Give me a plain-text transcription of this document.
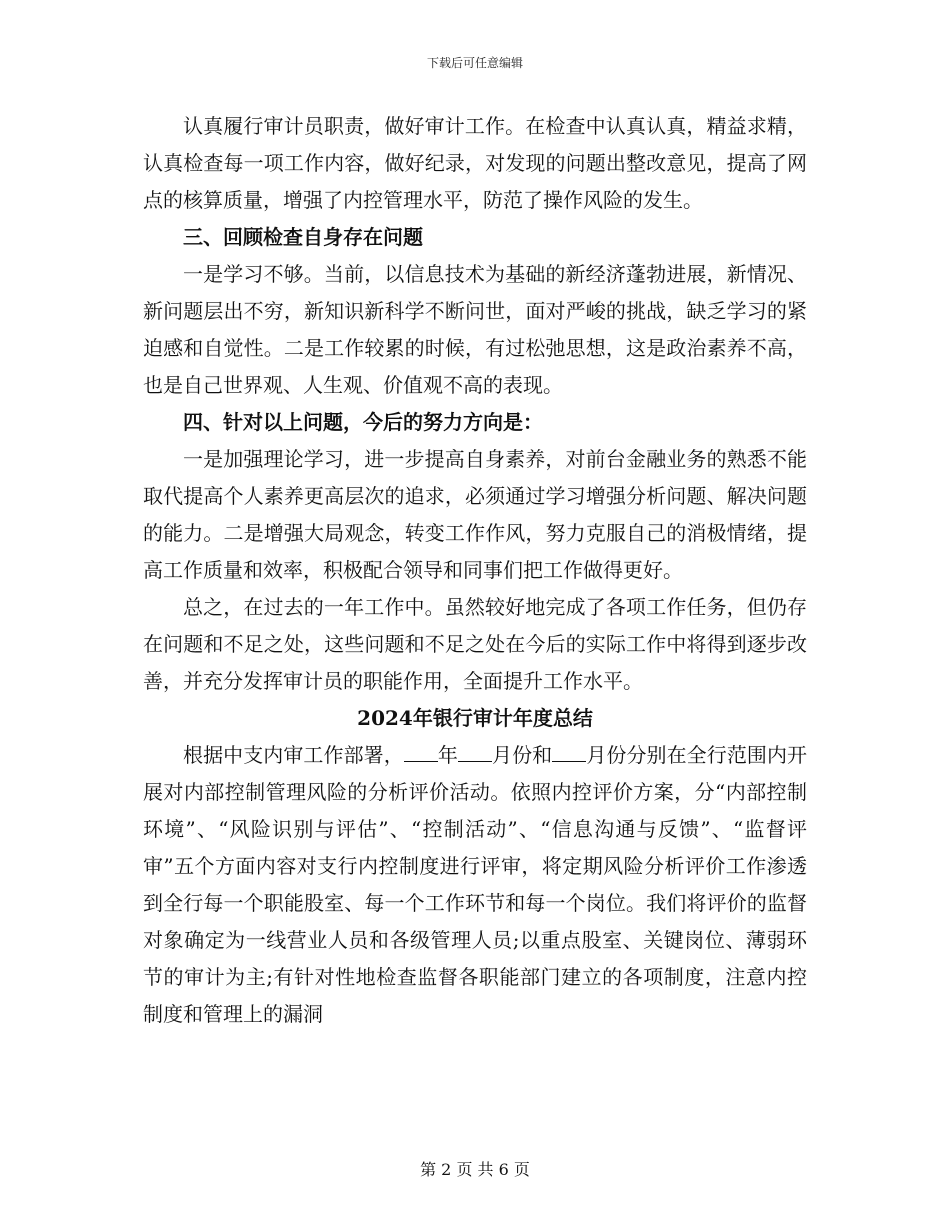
下载后可任意编辑

认真履行审计员职责，做好审计工作。在检查中认真认真，精益求精，认真检查每一项工作内容，做好纪录，对发现的问题出整改意见，提高了网点的核算质量，增强了内控管理水平，防范了操作风险的发生。

三、回顾检查自身存在问题

一是学习不够。当前，以信息技术为基础的新经济蓬勃进展，新情况、新问题层出不穷，新知识新科学不断问世，面对严峻的挑战，缺乏学习的紧迫感和自觉性。二是工作较累的时候，有过松弛思想，这是政治素养不高，也是自己世界观、人生观、价值观不高的表现。

四、针对以上问题，今后的努力方向是：

一是加强理论学习，进一步提高自身素养，对前台金融业务的熟悉不能取代提高个人素养更高层次的追求，必须通过学习增强分析问题、解决问题的能力。二是增强大局观念，转变工作作风，努力克服自己的消极情绪，提高工作质量和效率，积极配合领导和同事们把工作做得更好。

总之，在过去的一年工作中。虽然较好地完成了各项工作任务，但仍存在问题和不足之处，这些问题和不足之处在今后的实际工作中将得到逐步改善，并充分发挥审计员的职能作用，全面提升工作水平。

2024年银行审计年度总结

根据中支内审工作部署， 年 月份和 月份分别在全行范围内开展对内部控制管理风险的分析评价活动。依照内控评价方案，分“内部控制环境”、“风险识别与评估”、“控制活动”、“信息沟通与反馈”、“监督评审”五个方面内容对支行内控制度进行评审，将定期风险分析评价工作渗透到全行每一个职能股室、每一个工作环节和每一个岗位。我们将评价的监督对象确定为一线营业人员和各级管理人员;以重点股室、关键岗位、薄弱环节的审计为主;有针对性地检查监督各职能部门建立的各项制度，注意内控制度和管理上的漏洞

第 2 页 共 6 页
